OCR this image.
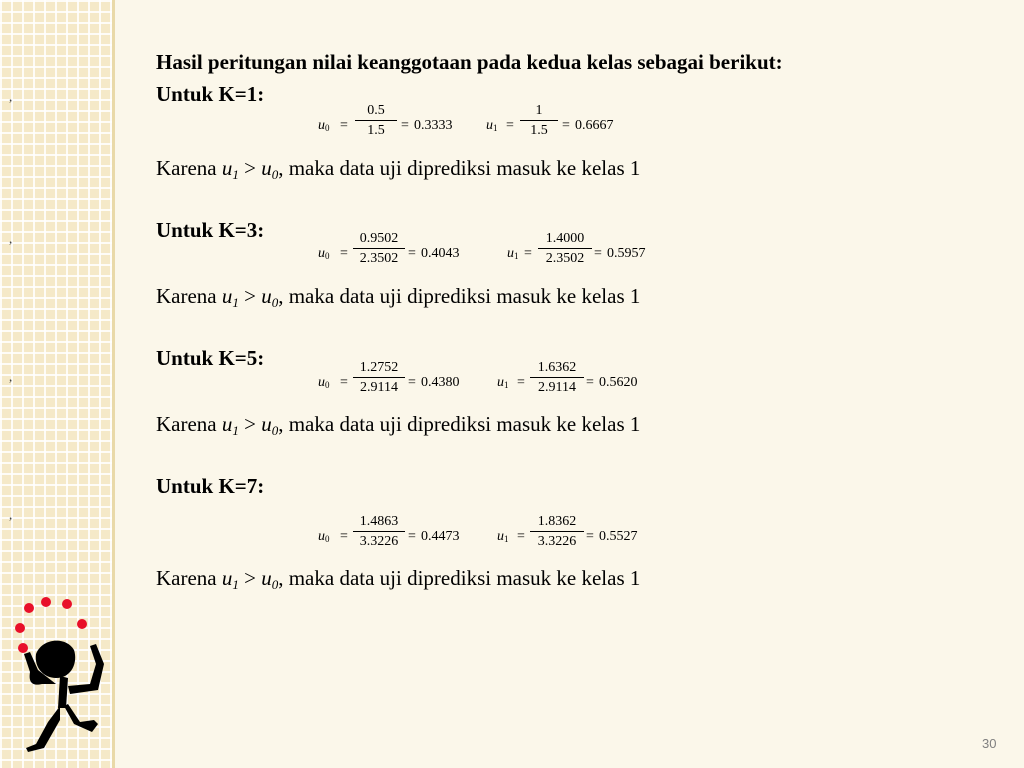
,
,
,
,
Hasil peritungan nilai keanggotaan pada kedua kelas sebagai berikut:
Untuk K=1:
$u_0$ =
0.5
1.5	= 0.3333 $u_1$ =
1
1.5	= 0.6667
Karena $u_1 > u_0$, maka data uji diprediksi masuk ke kelas 1
Untuk K=3:
$u_0$ =
0.9502
2.3502 = 0.4043	$u_1$ =
1.4000
2.3502 = 0.5957
Karena $u_1 > u_0$, maka data uji diprediksi masuk ke kelas 1
Untuk K=5:
$u_0$ =
1.2752
2.9114 = 0.4380	$u_1$ =
1.6362
2.9114 = 0.5620
Karena $u_1 > u_0$, maka data uji diprediksi masuk ke kelas 1
Untuk K=7:
$u_0$ =
1.4863
3.3226 = 0.4473	$u_1$ =
1.8362
3.3226 = 0.5527
Karena $u_1 > u_0$, maka data uji diprediksi masuk ke kelas 1
30
